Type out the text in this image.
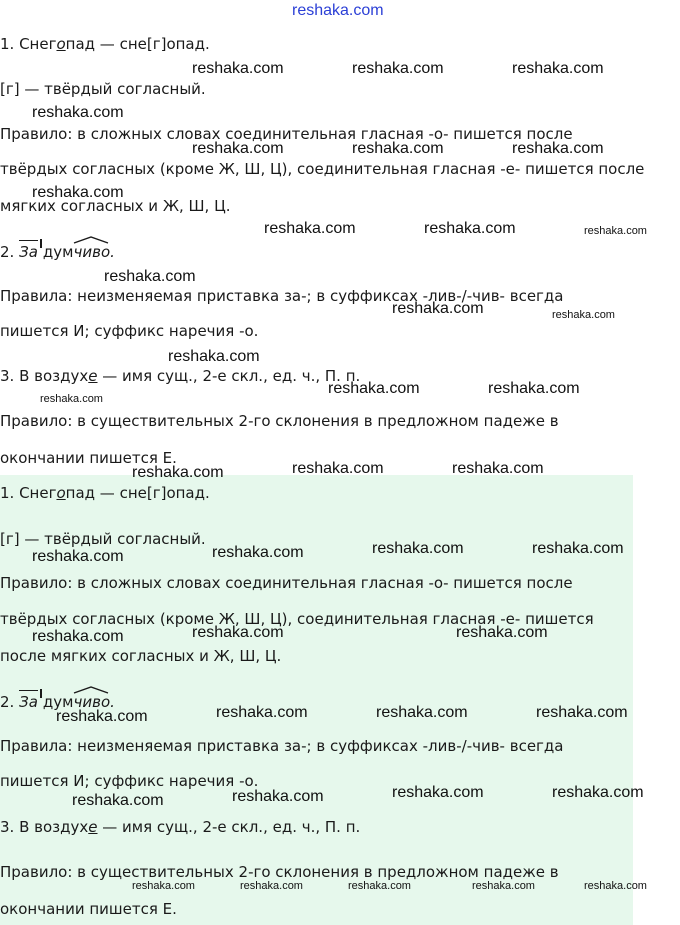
reshaka.com
1. Снегопад — сне[г]опад.
[г] — твёрдый согласный.
Правило: в сложных словах соединительная гласная -о- пишется после
твёрдых согласных (кроме Ж, Ш, Ц), соединительная гласная -е- пишется после
мягких согласных и Ж, Ш, Ц.
2. За дум
чиво.
Правила: неизменяемая приставка за-; в суффиксах -лив-/-чив- всегда
пишется И; суффикс наречия -о.
3. В воздухе — имя сущ., 2-е скл., ед. ч., П. п.
Правило: в существительных 2-го склонения в предложном падеже в
окончании пишется Е.
1. Снегопад — сне[г]опад.
[г] — твёрдый согласный.
Правило: в сложных словах соединительная гласная -о- пишется после
твёрдых согласных (кроме Ж, Ш, Ц), соединительная гласная -е- пишется
после мягких согласных и Ж, Ш, Ц.
2. За дум
чиво.
Правила: неизменяемая приставка за-; в суффиксах -лив-/-чив- всегда
пишется И; суффикс наречия -о.
3. В воздухе — имя сущ., 2-е скл., ед. ч., П. п.
Правило: в существительных 2-го склонения в предложном падеже в
окончании пишется Е.
reshaka.com	reshaka.com	reshaka.com
reshaka.com
reshaka.com	reshaka.com	reshaka.com
reshaka.com
reshaka.com	reshaka.com	reshaka.com
reshaka.com
reshaka.com	reshaka.com
reshaka.com
reshaka.com
reshaka.com	reshaka.com
reshaka.com	reshaka.com	reshaka.com
reshaka.com	reshaka.com	reshaka.com	reshaka.com
reshaka.com	reshaka.com	reshaka.com
reshaka.com	reshaka.com	reshaka.com	reshaka.com
reshaka.com	reshaka.com	reshaka.com	reshaka.com
reshaka.com	reshaka.com	reshaka.com	reshaka.com	reshaka.com
